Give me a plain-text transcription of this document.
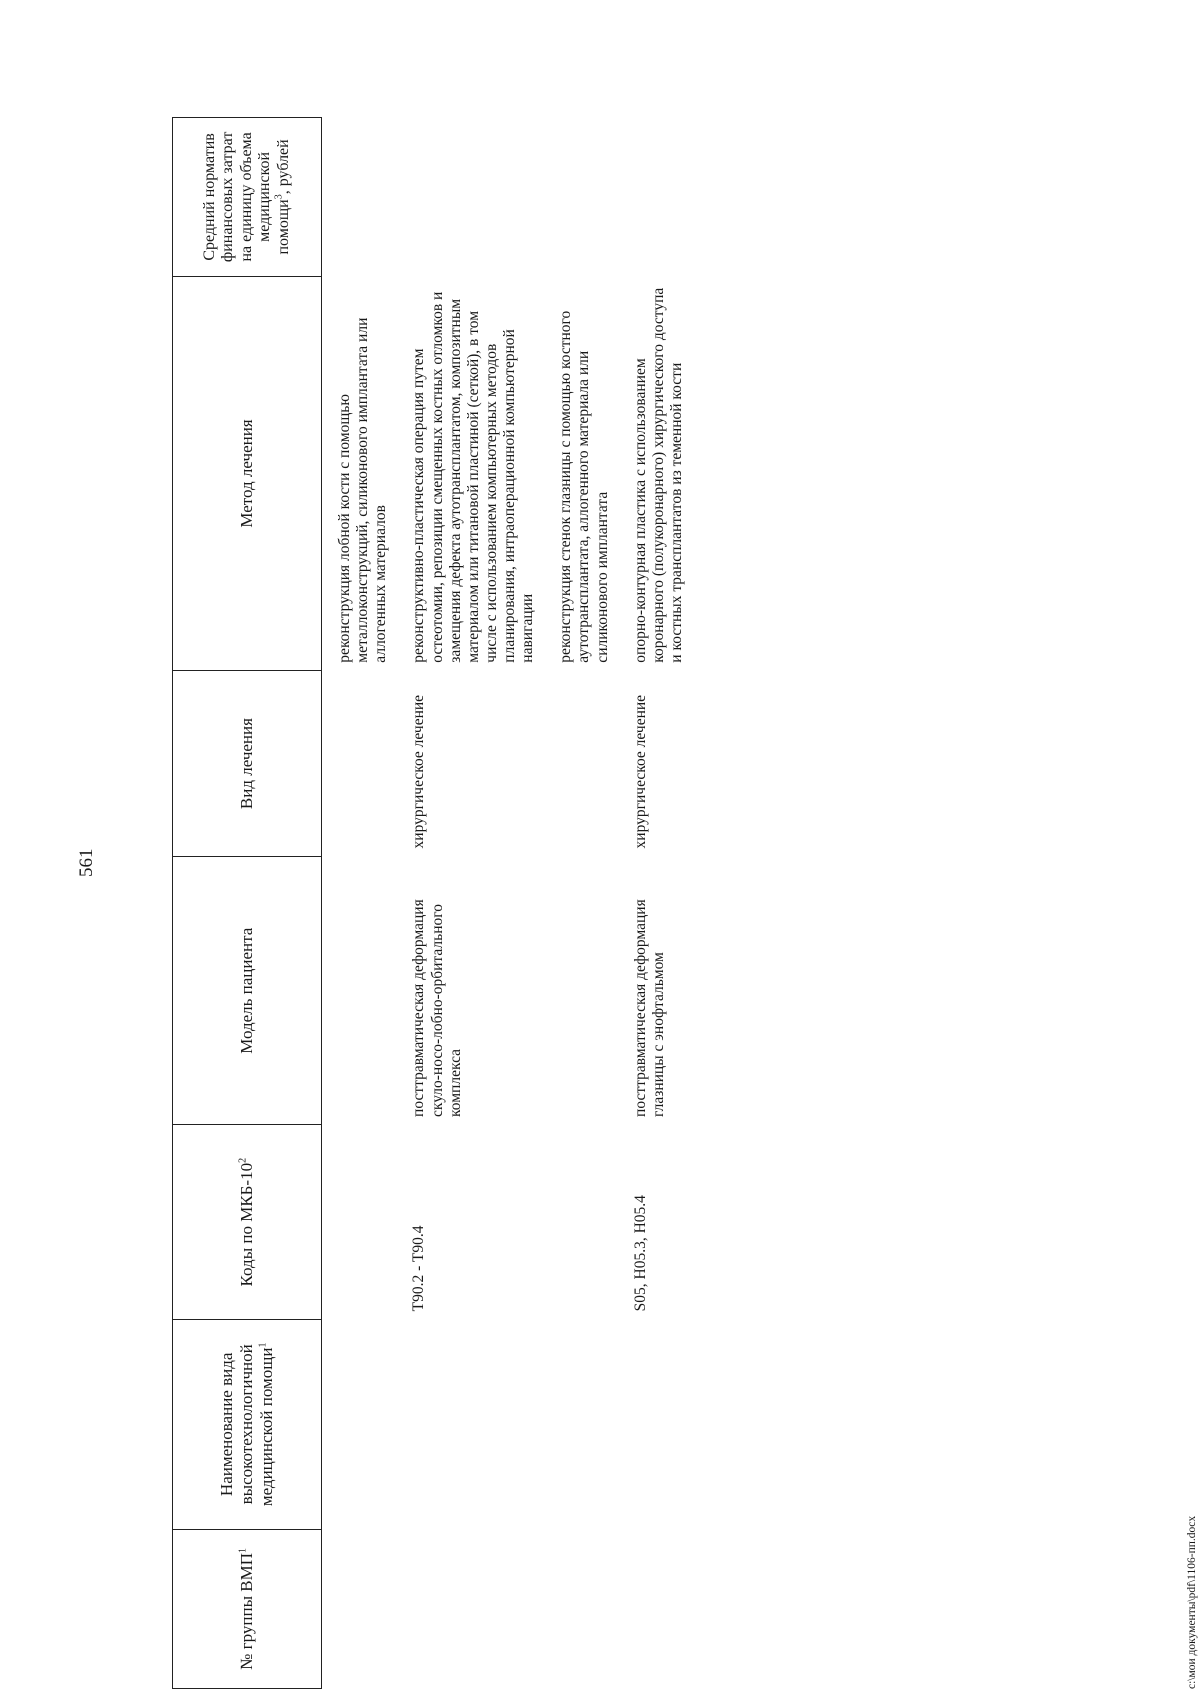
561
№ группы ВМП$^1$	Наименование вида высокотехнологичной медицинской помощи$^1$	Коды по МКБ-$10^2$	Модель пациента	Вид лечения	Метод лечения	Средний норматив финансовых затрат на единицу объема медицинской помощи$^3$, рублей
					реконструкция лобной кости с помощью металлоконструкций, силиконового имплантата или аллогенных материалов	
		T90.2 - T90.4	посттравматическая деформация скуло-носо-лобно-орбитального комплекса	хирургическое лечение	реконструктивно-пластическая операция путем остеотомии, репозиции смещенных костных отломков и замещения дефекта аутотрансплантатом, композитным материалом или титановой пластиной (сеткой), в том числе с использованием компьютерных методов планирования, интраоперационной компьютерной навигации	
					реконструкция стенок глазницы с помощью костного аутотрансплантата, аллогенного материала или силиконового имплантата	
		S05, H05.3, H05.4	посттравматическая деформация глазницы с энофтальмом	хирургическое лечение	опорно-контурная пластика с использованием коронарного (полукоронарного) хирургического доступа и костных трансплантатов из теменной кости	
c:\мои документы\pdf\1106-пп.docx
